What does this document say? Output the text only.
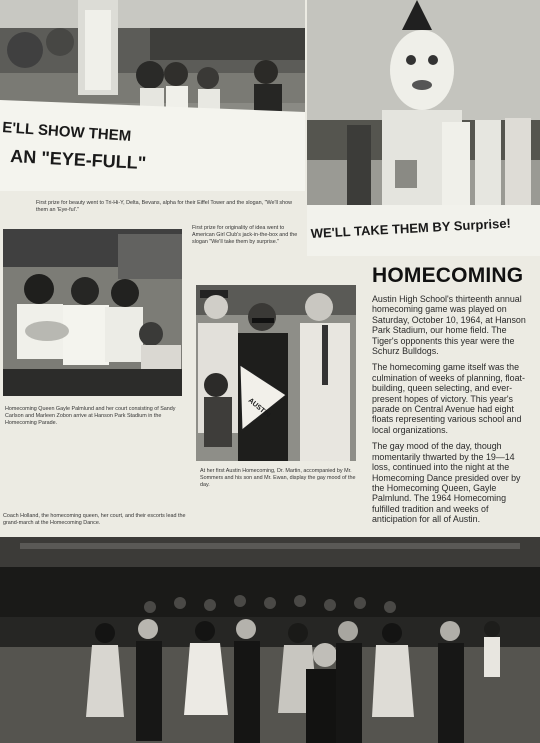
E'LL SHOW THEM
AN "EYE-FULL"
WE'LL TAKE THEM BY Surprise!

First prize for beauty went to Tri-Hi-Y, Delta, Bevans, alpha for their Eiffel Tower and the slogan, "We'll show them an 'Eye-ful'."

First prize for originality of idea went to American Girl Club's jack-in-the-box and the slogan "We'll take them by surprise."

Homecoming Queen Gayle Palmlund and her court consisting of Sandy Carlson and Marleen Zobon arrive at Hanson Park Stadium in the Homecoming Parade.

AUSTIN

At her first Austin Homecoming, Dr. Martin, accompanied by Mr. Sommers and his son and Mr. Ewan, display the gay mood of the day.

Coach Holland, the homecoming queen, her court, and their escorts lead the grand-march at the Homecoming Dance.

HOMECOMING

Austin High School's thirteenth annual homecoming game was played on Saturday, October 10, 1964, at Hanson Park Stadium, our home field. The Tiger's opponents this year were the Schurz Bulldogs.

The homecoming game itself was the culmination of weeks of planning, float-building, queen selecting, and ever-present hopes of victory. This year's parade on Central Avenue had eight floats representing various school and local organizations.

The gay mood of the day, though momentarily thwarted by the 19—14 loss, continued into the night at the Homecoming Dance presided over by the Homecoming Queen, Gayle Palmlund. The 1964 Homecoming fulfilled tradition and weeks of anticipation for all of Austin.
